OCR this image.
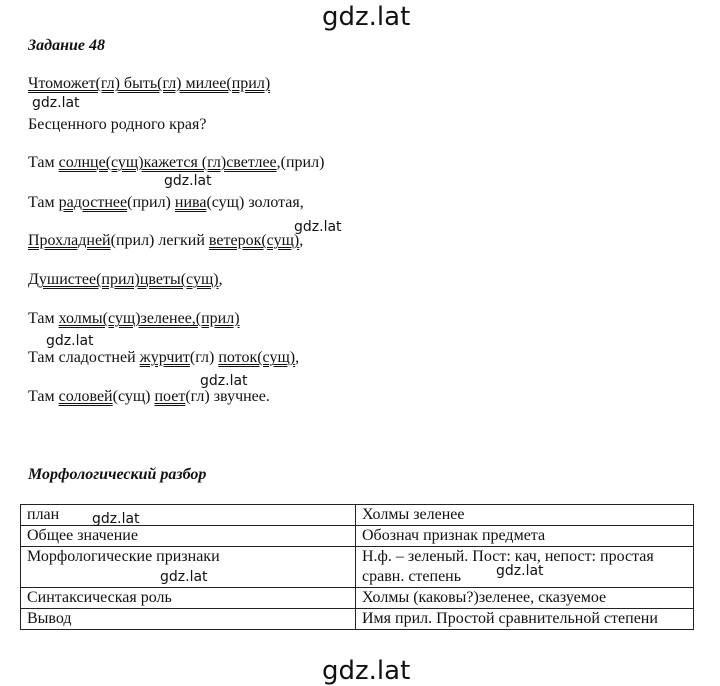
gdz.lat
Задание 48
Чтоможет(гл) быть(гл) милее(прил)
Бесценного родного края?
Там солнце(сущ)кажется (гл)светлее,(прил)
Там радостнее(прил) нива(сущ) золотая,
Прохладней(прил) легкий ветерок(сущ),
Душистее(прил)цветы(сущ),
Там холмы(сущ)зеленее,(прил)
Там сладостней журчит(гл) поток(сущ),
Там соловей(сущ) поет(гл) звучнее.
gdz.lat
gdz.lat
gdz.lat
gdz.lat
gdz.lat
Морфологический разбор
план	Холмы зеленее
Общее значение	Обознач признак предмета
Морфологические признаки	Н.ф. – зеленый. Пост: кач, непост: простая сравн. степень
Синтаксическая роль	Холмы (каковы?)зеленее, сказуемое
Вывод	Имя прил. Простой сравнительной степени
gdz.lat
gdz.lat	gdz.lat
gdz.lat
